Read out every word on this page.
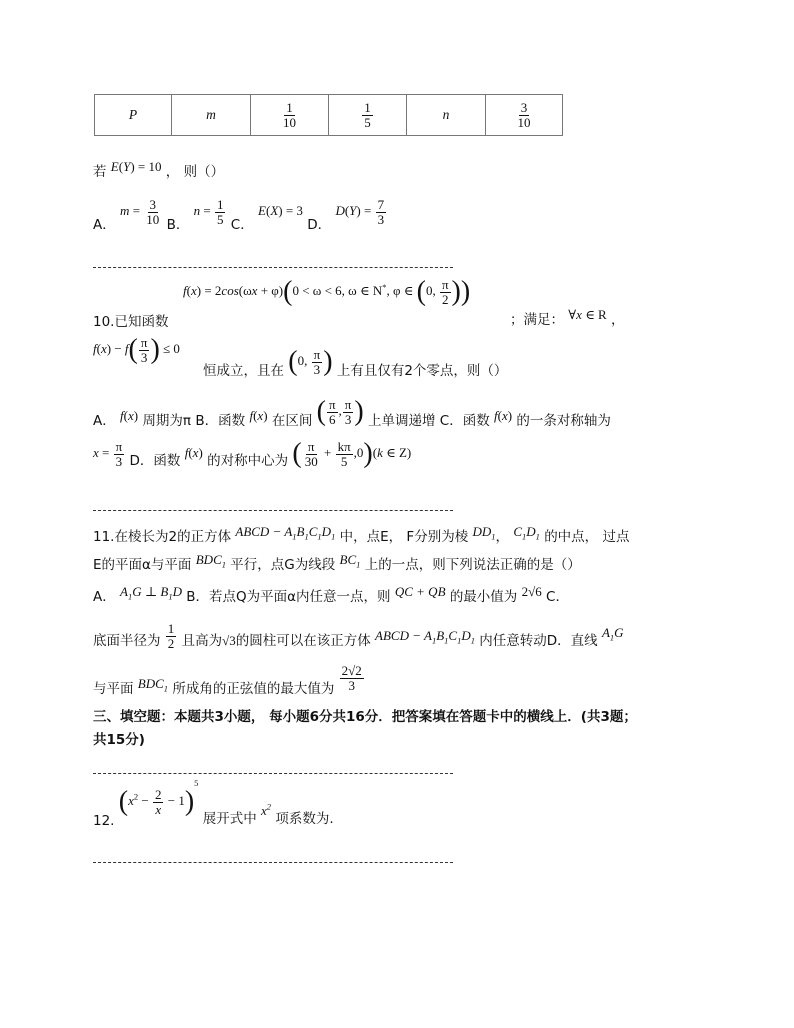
P	m	$\frac{1}{10}$	$\frac{1}{5}$	n	$\frac{3}{10}$
若 E(Y) = 10 ， 则（）
A． $m = \frac{3}{10}$ B． $n = \frac{1}{5}$ C． E(X) = 3 D． $D(Y) = \frac{7}{3}$
f(x) = 2cos(ωx + φ)(0 < ω < 6, ω ∈ N*, φ ∈ (0, $\frac{\pi}{2}$ ))
10.已知函数	；满足： ∀x ∈ R ，
$f(x) - f( \frac{\pi}{3}$ ) ≤ 0
恒成立，且在 (0, $\frac{\pi}{3}$ ) 上有且仅有2个零点，则（）
A． f(x) 周期为π B．函数 f(x) 在区间 ( $\frac{\pi}{6}$ , $\frac{\pi}{3}$ ) 上单调递增 C．函数 f(x) 的一条对称轴为
$x = \frac{\pi}{3}$ D．函数 f(x) 的对称中心为 ( $\frac{\pi}{30} + \frac{k\pi}{5} ,0)(k$ ∈ Z)
11.在棱长为2的正方体 ABCD − $A_1B_1C_1D_1$ 中，点E， F分别为棱 $DD_1$， $C_1D_1$ 的中点， 过点
E的平面α与平面 $BDC_1$ 平行，点G为线段 $BC_1$ 上的一点，则下列说法正确的是（）
A． $A_1G$ ⊥ $B_1D$ B．若点Q为平面α内任意一点，则 QC + QB 的最小值为 2√6 C．
底面半径为 $\frac{1}{2}$ 且高为√3的圆柱可以在该正方体 ABCD − $A_1B_1C_1D_1$ 内任意转动D．直线 $A_1G$
与平面 $BDC_1$ 所成角的正弦值的最大值为 $\frac{2√2}{3}$
三、填空题：本题共3小题， 每小题6分共16分．把答案填在答题卡中的横线上．(共3题；
共15分)
12. $(x^2 - \frac{2}{x} - 1)^5$ 展开式中 $x^2$ 项系数为.
